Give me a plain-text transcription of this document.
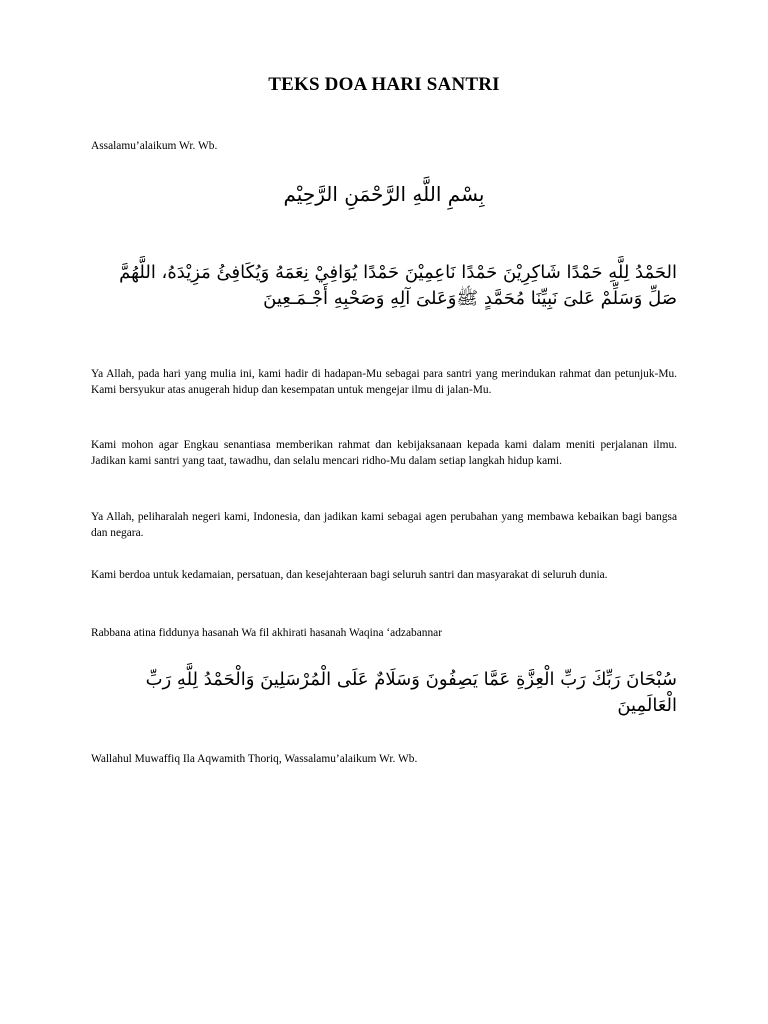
TEKS DOA HARI SANTRI
Assalamu’alaikum Wr. Wb.
بِسْمِ اللَّهِ الرَّحْمَنِ الرَّحِيْم
الحَمْدُ لِلَّهِ حَمْدًا شَاكِرِيْنَ حَمْدًا نَاعِمِيْنَ حَمْدًا يُوَافِيْ نِعَمَهُ وَيُكَافِئُ مَزِيْدَهُ، اللَّهُمَّ صَلِّ وَسَلِّمْ عَلىَ نَبِيِّنَا مُحَمَّدٍ ﷺوَعَلىَ آلِهِ وَصَحْبِهِ أَجْـمَـعِينَ
Ya Allah, pada hari yang mulia ini, kami hadir di hadapan-Mu sebagai para santri yang merindukan rahmat dan petunjuk-Mu. Kami bersyukur atas anugerah hidup dan kesempatan untuk mengejar ilmu di jalan-Mu.
Kami mohon agar Engkau senantiasa memberikan rahmat dan kebijaksanaan kepada kami dalam meniti perjalanan ilmu. Jadikan kami santri yang taat, tawadhu, dan selalu mencari ridho-Mu dalam setiap langkah hidup kami.
Ya Allah, peliharalah negeri kami, Indonesia, dan jadikan kami sebagai agen perubahan yang membawa kebaikan bagi bangsa dan negara.
Kami berdoa untuk kedamaian, persatuan, dan kesejahteraan bagi seluruh santri dan masyarakat di seluruh dunia.
Rabbana atina fiddunya hasanah Wa fil akhirati hasanah Waqina ‘adzabannar
سُبْحَانَ رَبِّكَ رَبِّ الْعِزَّةِ عَمَّا يَصِفُونَ وَسَلَامٌ عَلَى الْمُرْسَلِينَ وَالْحَمْدُ لِلَّهِ رَبِّ الْعَالَمِينَ
Wallahul Muwaffiq Ila Aqwamith Thoriq, Wassalamu’alaikum Wr. Wb.
